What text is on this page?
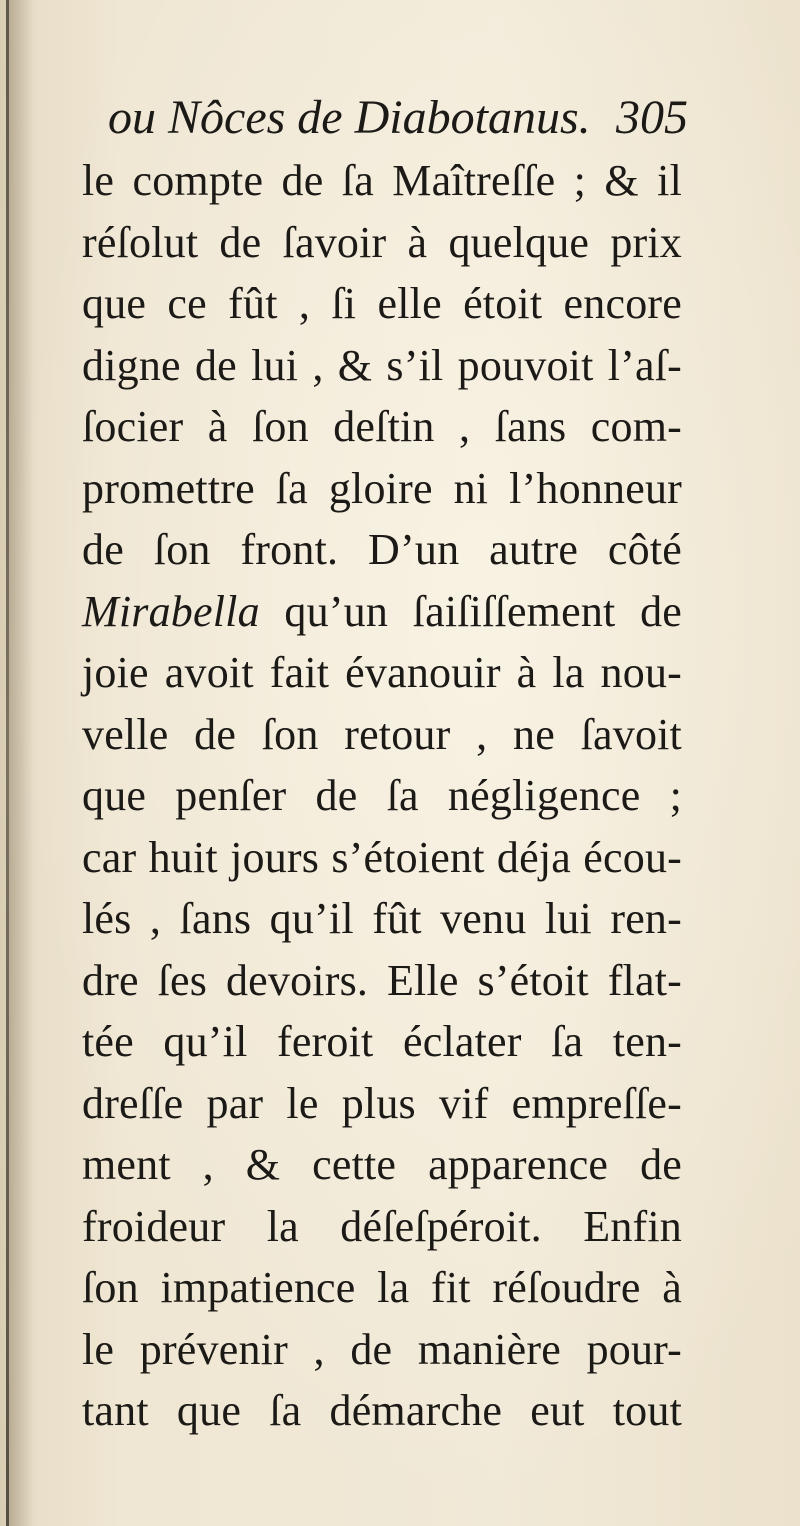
ou Nôces de Diabotanus. 305
le compte de ſa Maîtreſſe ; & il
réſolut de ſavoir à quelque prix
que ce fût , ſi elle étoit encore
digne de lui , & s’il pouvoit l’aſ-
ſocier à ſon deſtin , ſans com-
promettre ſa gloire ni l’honneur
de ſon front. D’un autre côté
Mirabella qu’un ſaiſiſſement de
joie avoit fait évanouir à la nou-
velle de ſon retour , ne ſavoit
que penſer de ſa négligence ;
car huit jours s’étoient déja écou-
lés , ſans qu’il fût venu lui ren-
dre ſes devoirs. Elle s’étoit flat-
tée qu’il feroit éclater ſa ten-
dreſſe par le plus vif empreſſe-
ment , & cette apparence de
froideur la déſeſpéroit. Enfin
ſon impatience la fit réſoudre à
le prévenir , de manière pour-
tant que ſa démarche eut tout
